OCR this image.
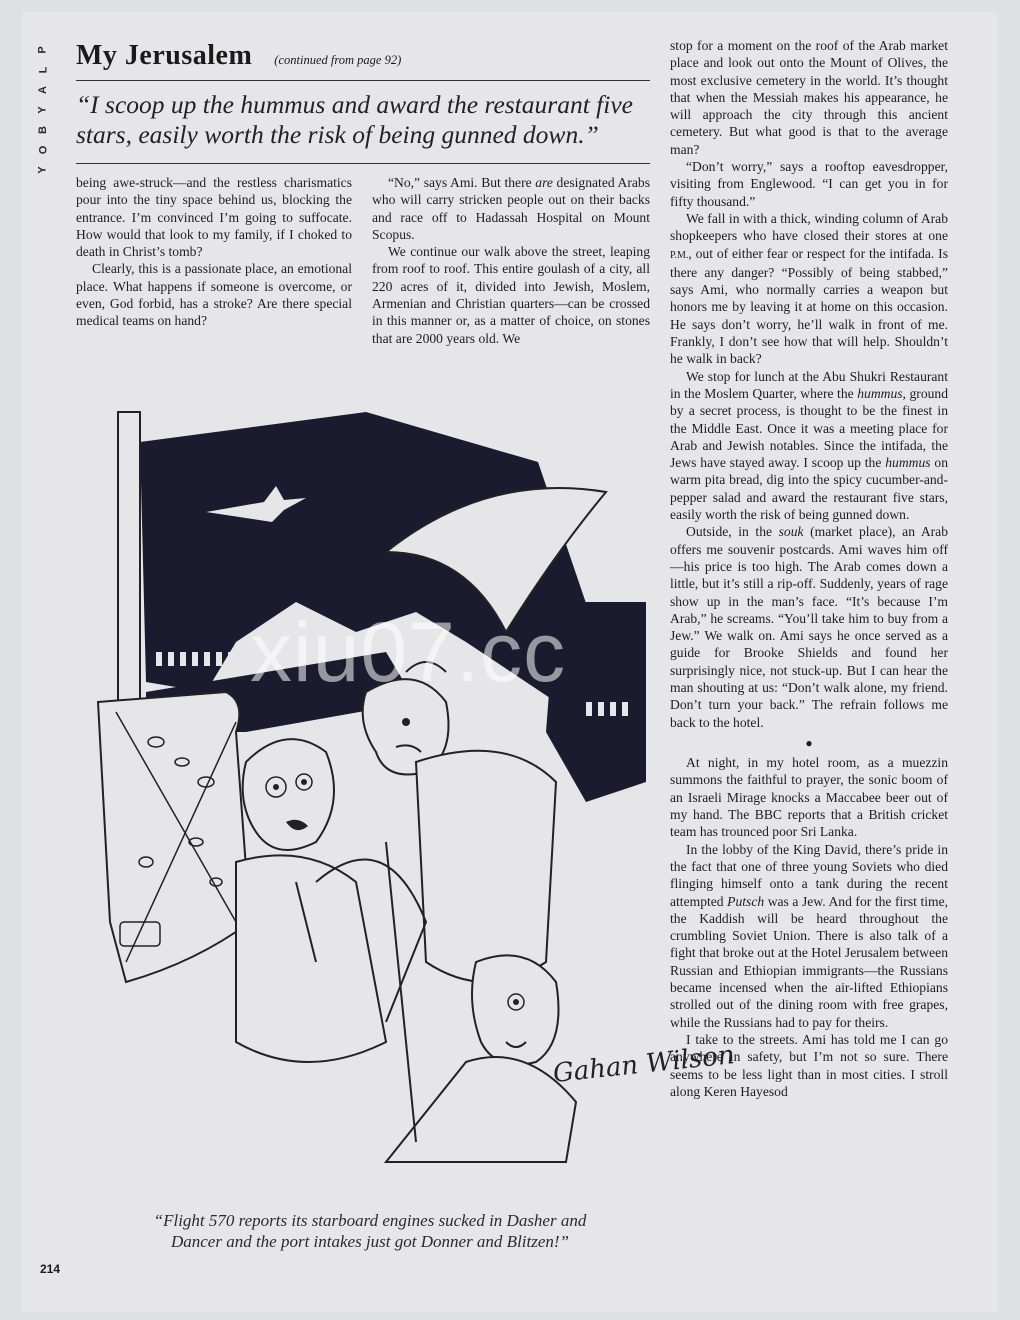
P
L
A
Y
B
O
Y
My Jerusalem (continued from page 92)
“I scoop up the hummus and award the restaurant five stars, easily worth the risk of being gunned down.”

being awe-struck—and the restless charismatics pour into the tiny space behind us, blocking the entrance. I’m convinced I’m going to suffocate. How would that look to my family, if I choked to death in Christ’s tomb?

Clearly, this is a passionate place, an emotional place. What happens if someone is overcome, or even, God forbid, has a stroke? Are there special medical teams on hand?

“No,” says Ami. But there are designated Arabs who will carry stricken people out on their backs and race off to Hadassah Hospital on Mount Scopus.

We continue our walk above the street, leaping from roof to roof. This entire goulash of a city, all 220 acres of it, divided into Jewish, Moslem, Armenian and Christian quarters—can be crossed in this manner or, as a matter of choice, on stones that are 2000 years old. We

stop for a moment on the roof of the Arab market place and look out onto the Mount of Olives, the most exclusive cemetery in the world. It’s thought that when the Messiah makes his appearance, he will approach the city through this ancient cemetery. But what good is that to the average man?

“Don’t worry,” says a rooftop eavesdropper, visiting from Englewood. “I can get you in for fifty thousand.”

We fall in with a thick, winding column of Arab shopkeepers who have closed their stores at one P.M., out of either fear or respect for the intifada. Is there any danger? “Possibly of being stabbed,” says Ami, who normally carries a weapon but honors me by leaving it at home on this occasion. He says don’t worry, he’ll walk in front of me. Frankly, I don’t see how that will help. Shouldn’t he walk in back?

We stop for lunch at the Abu Shukri Restaurant in the Moslem Quarter, where the hummus, ground by a secret process, is thought to be the finest in the Middle East. Once it was a meeting place for Arab and Jewish notables. Since the intifada, the Jews have stayed away. I scoop up the hummus on warm pita bread, dig into the spicy cucumber-and-pepper salad and award the restaurant five stars, easily worth the risk of being gunned down.

Outside, in the souk (market place), an Arab offers me souvenir postcards. Ami waves him off—his price is too high. The Arab comes down a little, but it’s still a rip-off. Suddenly, years of rage show up in the man’s face. “It’s because I’m Arab,” he screams. “You’ll take him to buy from a Jew.” We walk on. Ami says he once served as a guide for Brooke Shields and found her surprisingly nice, not stuck-up. But I can hear the man shouting at us: “Don’t walk alone, my friend. Don’t turn your back.” The refrain follows me back to the hotel.

●

At night, in my hotel room, as a muezzin summons the faithful to prayer, the sonic boom of an Israeli Mirage knocks a Maccabee beer out of my hand. The BBC reports that a British cricket team has trounced poor Sri Lanka.

In the lobby of the King David, there’s pride in the fact that one of three young Soviets who died flinging himself onto a tank during the recent attempted Putsch was a Jew. And for the first time, the Kaddish will be heard throughout the crumbling Soviet Union. There is also talk of a fight that broke out at the Hotel Jerusalem between Russian and Ethiopian immigrants—the Russians became incensed when the air-lifted Ethiopians strolled out of the dining room with free grapes, while the Russians had to pay for theirs.

I take to the streets. Ami has told me I can go anywhere in safety, but I’m not so sure. There seems to be less light than in most cities. I stroll along Keren Hayesod

Gahan Wilson
“Flight 570 reports its starboard engines sucked in Dasher and Dancer and the port intakes just got Donner and Blitzen!”
214
xiu07.cc
